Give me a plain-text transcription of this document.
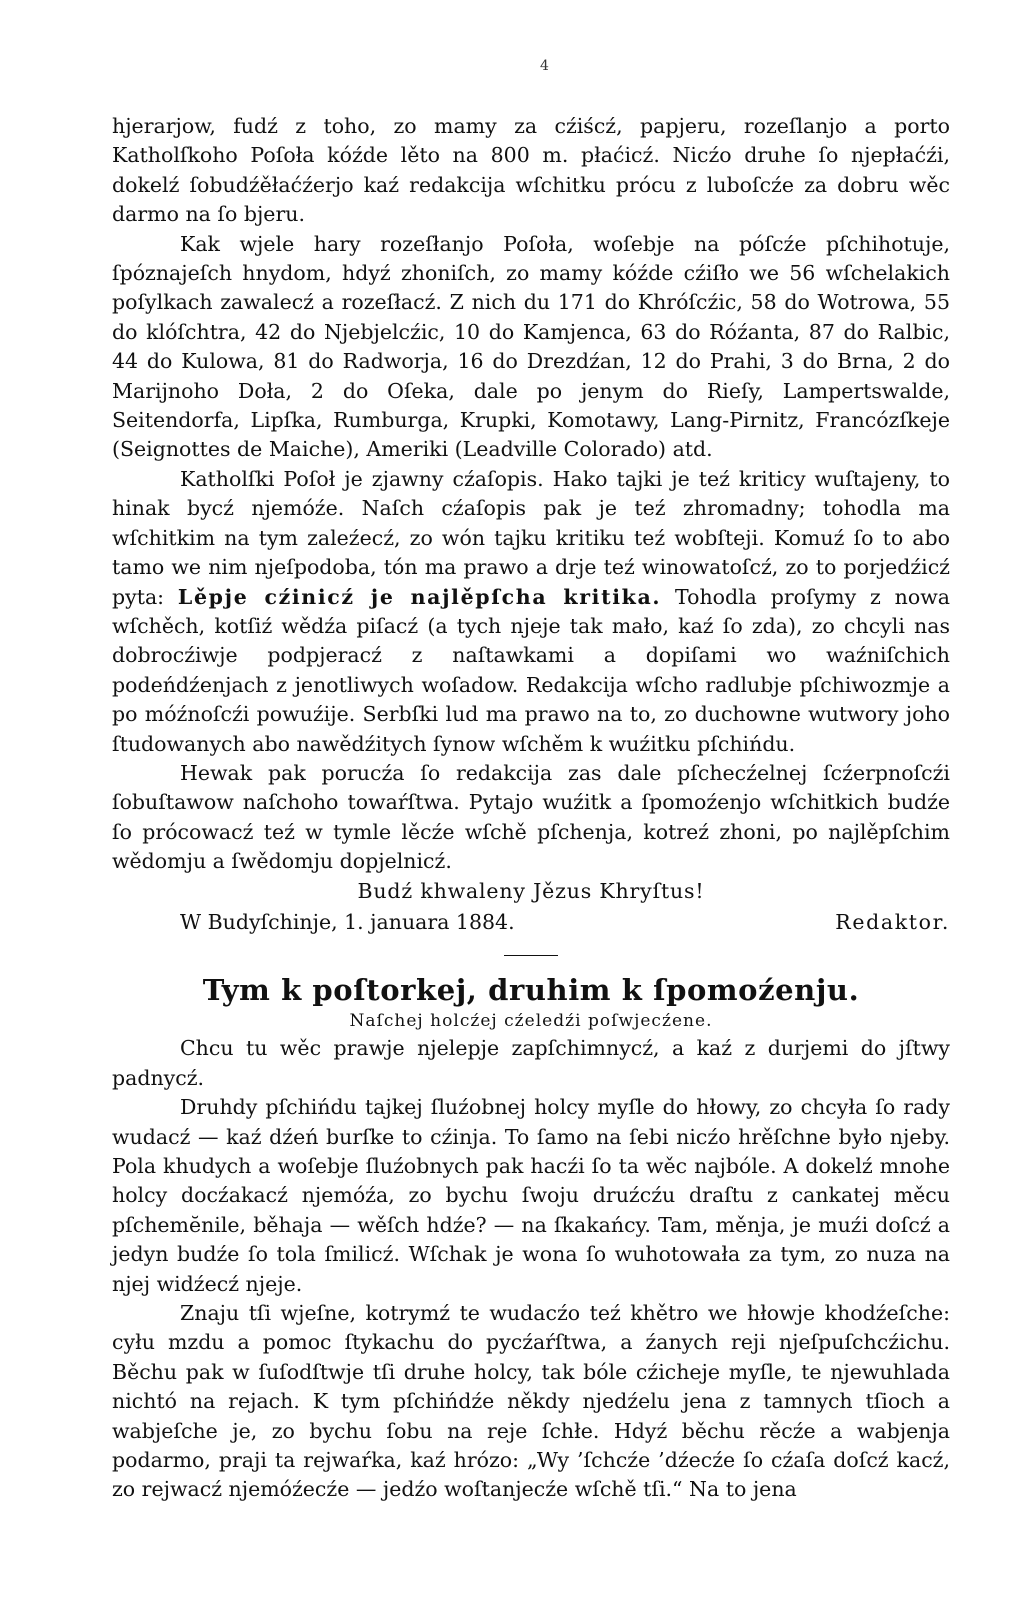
4

hjerarjow, fudź z toho, zo mamy za cźiścź, papjeru, rozeſlanjo a porto Katholſkoho Poſoła kóźde lěto na 800 m. płaćicź. Nicźo druhe ſo njepłaćźi, dokelź ſobudźěłaćźerjo kaź redakcija wſchitku prócu z luboſcźe za dobru wěc darmo na ſo bjeru.

Kak wjele hary rozeſłanjo Poſoła, woſebje na póſcźe pſchihotuje, ſpóznajeſch hnydom, hdyź zhoniſch, zo mamy kóźde cźiſło we 56 wſchelakich poſylkach zawalecź a rozeſłacź. Z nich du 171 do Khróſcźic, 58 do Wotrowa, 55 do klóſchtra, 42 do Njebjelcźic, 10 do Kamjenca, 63 do Róźanta, 87 do Ralbic, 44 do Kulowa, 81 do Radworja, 16 do Drezdźan, 12 do Prahi, 3 do Brna, 2 do Marijnoho Doła, 2 do Oſeka, dale po jenym do Rieſy, Lampertswalde, Seitendorfa, Lipſka, Rumburga, Krupki, Komotawy, Lang-Pirnitz, Francózſkeje (Seignottes de Maiche), Ameriki (Leadville Colorado) atd.

Katholſki Poſoł je zjawny cźaſopis. Hako tajki je teź kriticy wuſtajeny, to hinak bycź njemóźe. Naſch cźaſopis pak je teź zhromadny; tohodla ma wſchitkim na tym zaleźecź, zo wón tajku kritiku teź wobſteji. Komuź ſo to abo tamo we nim njeſpodoba, tón ma prawo a drje teź winowatoſcź, zo to porjedźicź pyta: Lěpje cźinicź je najlěpſcha kritika. Tohodla proſymy z nowa wſchěch, kotſiź wědźa piſacź (a tych njeje tak mało, kaź ſo zda), zo chcyli nas dobrocźiwje podpjeracź z naſtawkami a dopiſami wo waźniſchich podeńdźenjach z jenotliwych woſadow. Redakcija wſcho radlubje pſchiwozmje a po móźnoſcźi powuźije. Serbſki lud ma prawo na to, zo duchowne wutwory joho ſtudowanych abo nawědźitych ſynow wſchěm k wuźitku pſchińdu.

Hewak pak porucźa ſo redakcija zas dale pſchecźelnej ſcźerpnoſcźi ſobuſtawow naſchoho towaŕſtwa. Pytajo wuźitk a ſpomoźenjo wſchitkich budźe ſo prócowacź teź w tymle lěcźe wſchě pſchenja, kotreź zhoni, po najlěpſchim wědomju a ſwědomju dopjelnicź.

Budź khwaleny Jězus Khryſtus!

W Budyſchinje, 1. januara 1884.	Redaktor.
Tym k poſtorkej, druhim k ſpomoźenju.

Naſchej holcźej cźeledźi poſwjecźene.

Chcu tu wěc prawje njelepje zapſchimnycź, a kaź z durjemi do jſtwy padnycź.

Druhdy pſchińdu tajkej ſluźobnej holcy myſle do hłowy, zo chcyła ſo rady wudacź — kaź dźeń burſke to cźinja. To ſamo na ſebi nicźo hrěſchne było njeby. Pola khudych a woſebje ſluźobnych pak hacźi ſo ta wěc najbóle. A dokelź mnohe holcy docźakacź njemóźa, zo bychu ſwoju druźcźu draſtu z cankatej měcu pſchemĕnile, běhaja — wěſch hdźe? — na ſkakańcy. Tam, měnja, je muźi doſcź a jedyn budźe ſo tola ſmilicź. Wſchak je wona ſo wuhotowała za tym, zo nuza na njej widźecź njeje.

Znaju tſi wjeſne, kotrymź te wudacźo teź khětro we hłowje khodźeſche: cyłu mzdu a pomoc ſtykachu do pycźaŕſtwa, a źanych reji njeſpuſchcźichu. Běchu pak w ſuſodſtwje tſi druhe holcy, tak bóle cźicheje myſle, te njewuhlada nichtó na rejach. K tym pſchińdźe někdy njedźelu jena z tamnych tſioch a wabjeſche je, zo bychu ſobu na reje ſchłe. Hdyź běchu rěcźe a wabjenja podarmo, praji ta rejwaŕka, kaź hrózo: „Wy ’ſchcźe ’dźecźe ſo cźaſa doſcź kacź, zo rejwacź njemóźecźe — jedźo woſtanjecźe wſchě tſi.“ Na to jena
